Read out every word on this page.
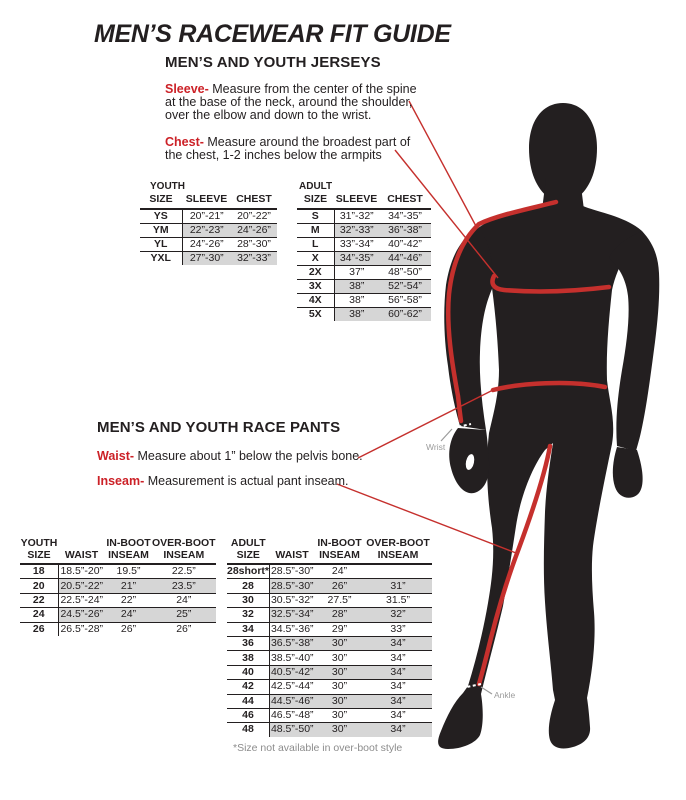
MEN’S RACEWEAR FIT GUIDE
MEN’S AND YOUTH JERSEYS
Sleeve- Measure from the center of the spine at the base of the neck, around the shoulder, over the elbow and down to the wrist.
Chest- Measure around the broadest part of the chest, 1-2 inches below the armpits
YOUTH
SIZE	SLEEVE	CHEST

YS	20”-21”	20”-22”
YM	22”-23”	24”-26”
YL	24”-26”	28”-30”
YXL	27”-30”	32”-33”
ADULT
SIZE	SLEEVE	CHEST

S	31”-32”	34”-35”
M	32”-33”	36”-38”
L	33”-34”	40”-42”
X	34”-35”	44”-46”
2X	37”	48”-50”
3X	38”	52”-54”
4X	38”	56”-58”
5X	38”	60”-62”
MEN’S AND YOUTH RACE PANTS
Waist- Measure about 1” below the pelvis bone.
Inseam- Measurement is actual pant inseam.
YOUTH
SIZE	WAIST	IN-BOOT
INSEAM	OVER-BOOT
INSEAM

18	18.5”-20”	19.5”	22.5”
20	20.5”-22”	21”	23.5”
22	22.5”-24”	22”	24”
24	24.5”-26”	24”	25”
26	26.5”-28”	26”	26”
ADULT
SIZE	WAIST	IN-BOOT
INSEAM	OVER-BOOT
INSEAM

28short*	28.5”-30”	24”	
28	28.5”-30”	26”	31”
30	30.5”-32”	27.5”	31.5”
32	32.5”-34”	28”	32”
34	34.5”-36”	29”	33”
36	36.5”-38”	30”	34”
38	38.5”-40”	30”	34”
40	40.5”-42”	30”	34”
42	42.5”-44”	30”	34”
44	44.5”-46”	30”	34”
46	46.5”-48”	30”	34”
48	48.5”-50”	30”	34”
*Size not available in over-boot style
Wrist
Ankle
